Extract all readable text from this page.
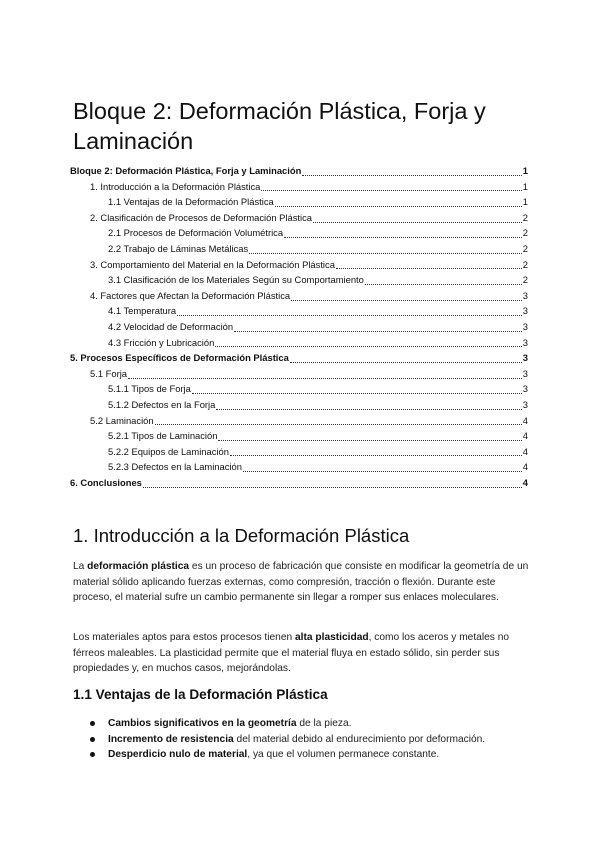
Bloque 2: Deformación Plástica, Forja y Laminación
Bloque 2: Deformación Plástica, Forja y Laminación	1
1. Introducción a la Deformación Plástica	1
1.1 Ventajas de la Deformación Plástica	1
2. Clasificación de Procesos de Deformación Plástica	2
2.1 Procesos de Deformación Volumétrica	2
2.2 Trabajo de Láminas Metálicas	2
3. Comportamiento del Material en la Deformación Plástica	2
3.1 Clasificación de los Materiales Según su Comportamiento	2
4. Factores que Afectan la Deformación Plástica	3
4.1 Temperatura	3
4.2 Velocidad de Deformación	3
4.3 Fricción y Lubricación	3
5. Procesos Específicos de Deformación Plástica	3
5.1 Forja	3
5.1.1 Tipos de Forja	3
5.1.2 Defectos en la Forja	3
5.2 Laminación	4
5.2.1 Tipos de Laminación	4
5.2.2 Equipos de Laminación	4
5.2.3 Defectos en la Laminación	4
6. Conclusiones	4
1. Introducción a la Deformación Plástica

La deformación plástica es un proceso de fabricación que consiste en modificar la geometría de un material sólido aplicando fuerzas externas, como compresión, tracción o flexión. Durante este proceso, el material sufre un cambio permanente sin llegar a romper sus enlaces moleculares.

Los materiales aptos para estos procesos tienen alta plasticidad, como los aceros y metales no férreos maleables. La plasticidad permite que el material fluya en estado sólido, sin perder sus propiedades y, en muchos casos, mejorándolas.

1.1 Ventajas de la Deformación Plástica
Cambios significativos en la geometría de la pieza.
Incremento de resistencia del material debido al endurecimiento por deformación.
Desperdicio nulo de material, ya que el volumen permanece constante.
